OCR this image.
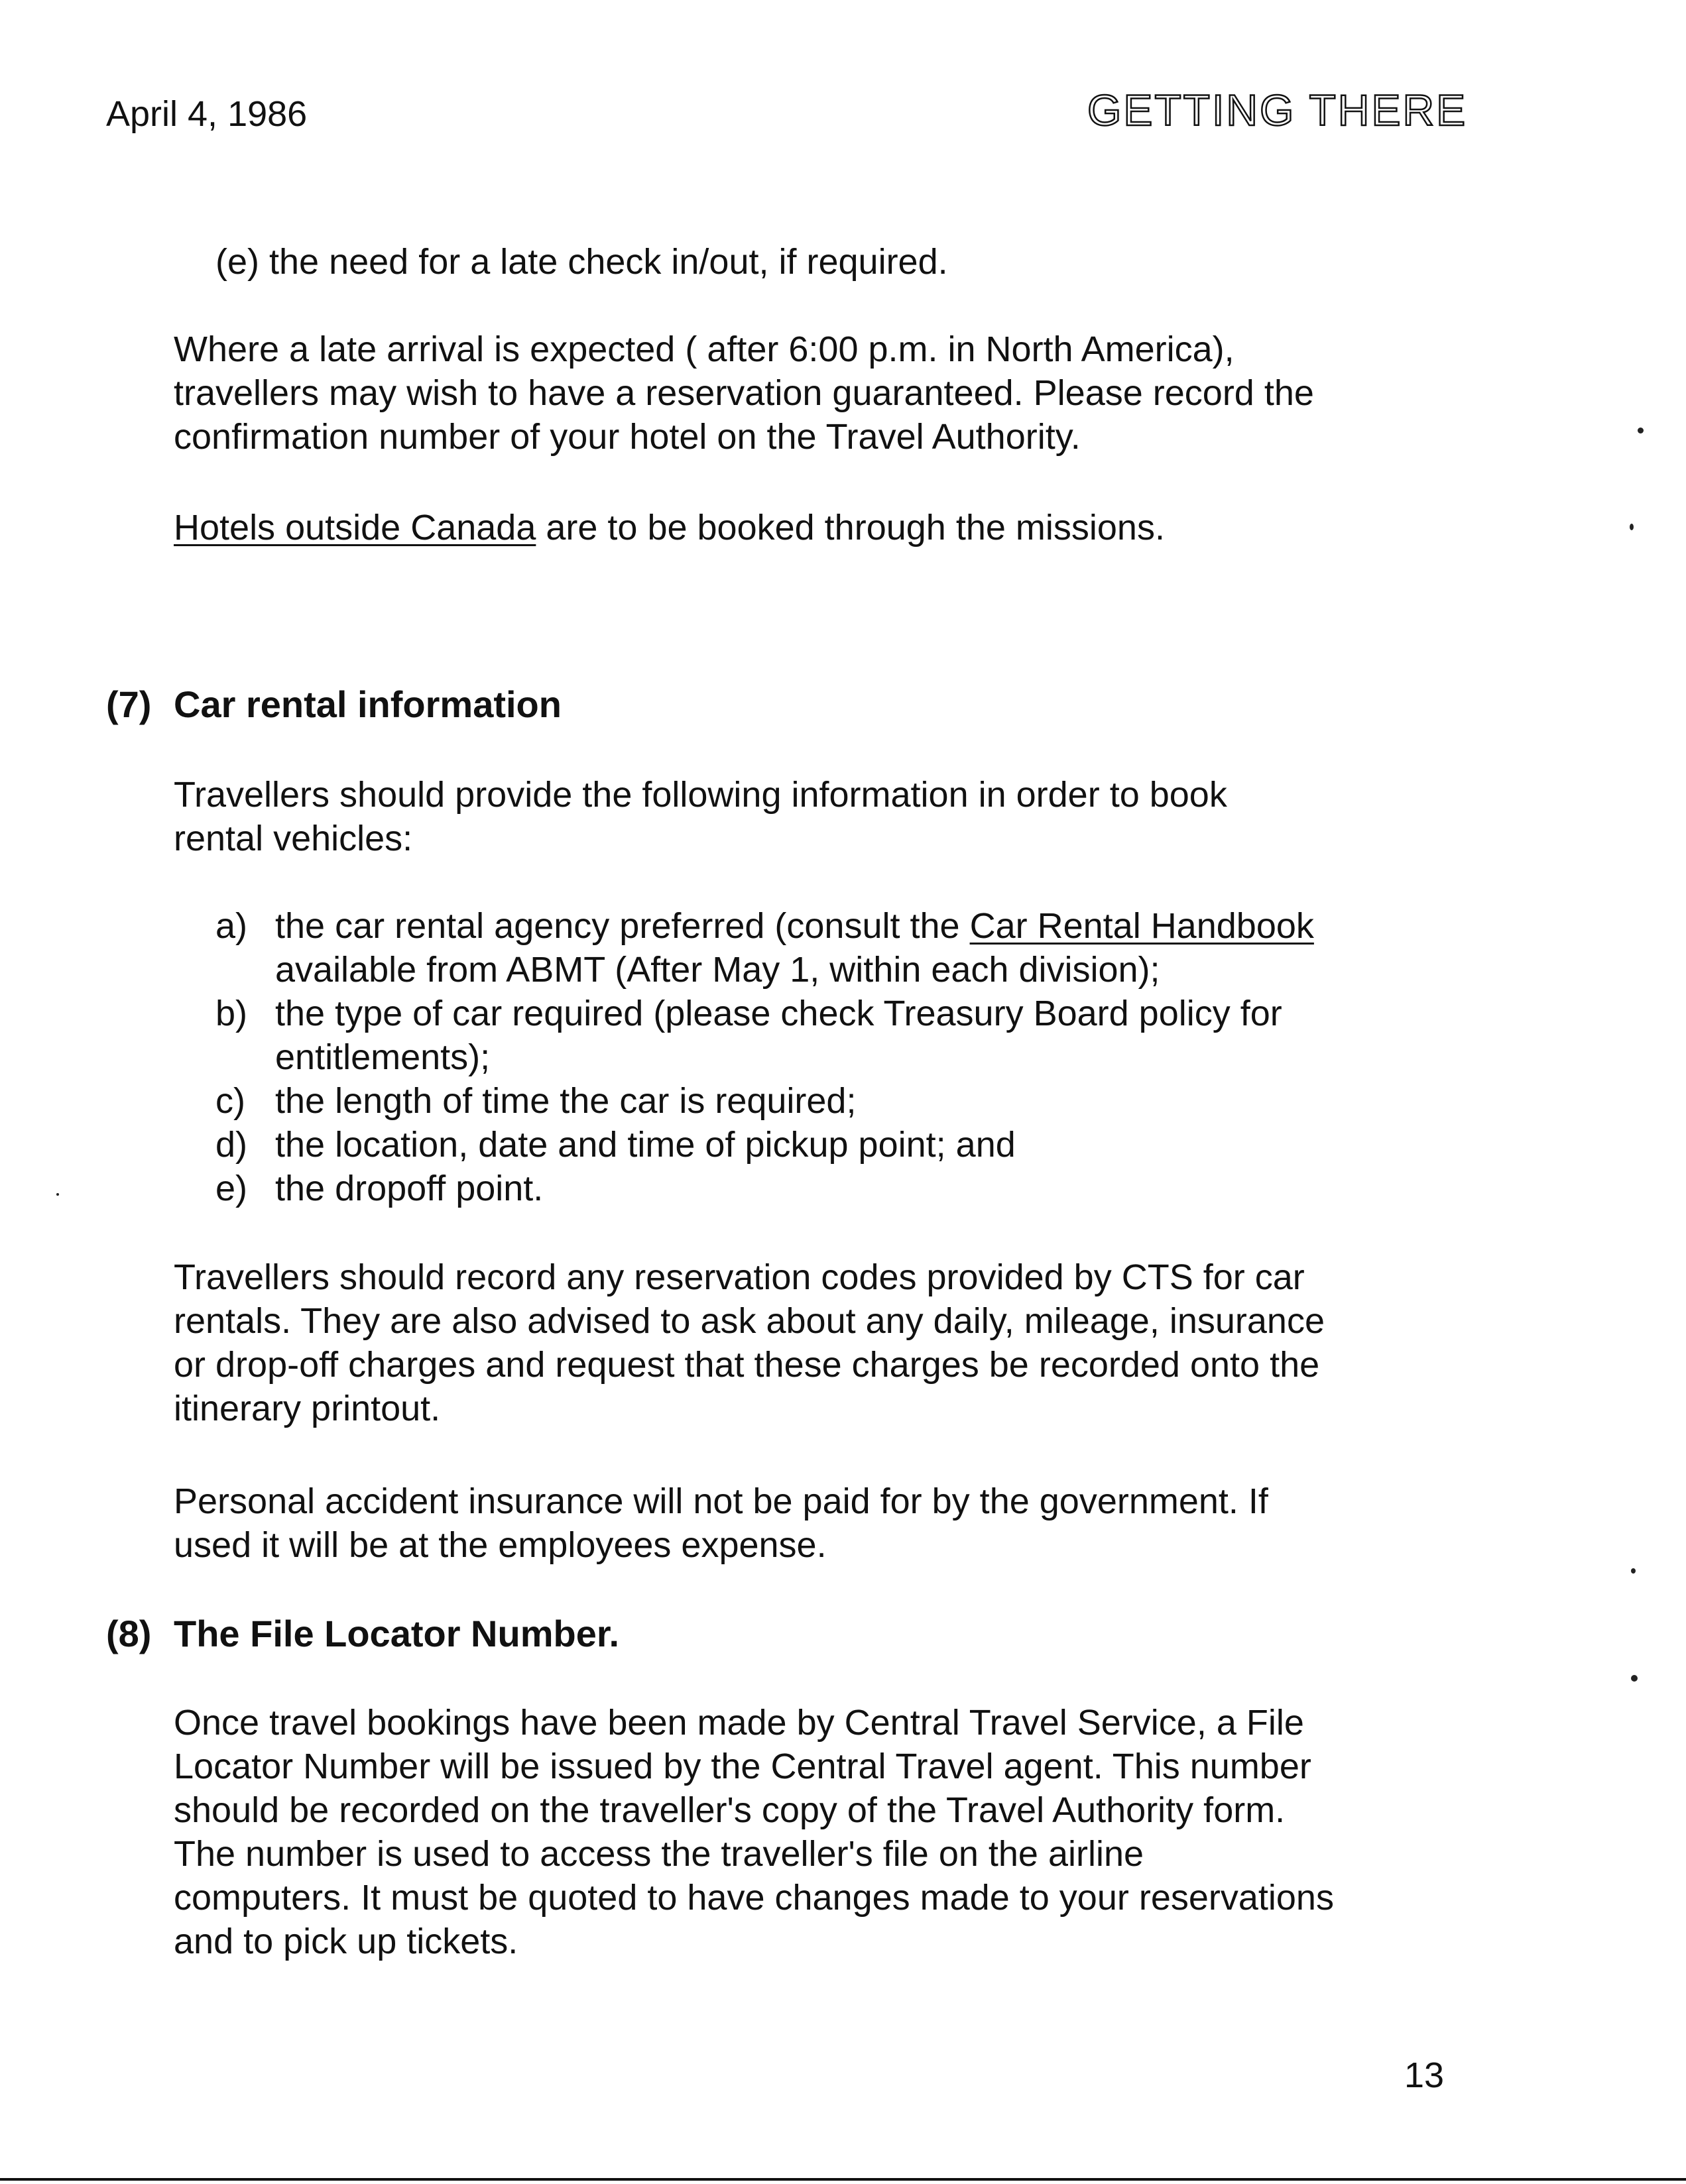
April 4, 1986	GETTING THERE
(e) the need for a late check in/out, if required.

Where a late arrival is expected ( after 6:00 p.m. in North America),
travellers may wish to have a reservation guaranteed. Please record the
confirmation number of your hotel on the Travel Authority.

Hotels outside Canada are to be booked through the missions.

(7) Car rental information

Travellers should provide the following information in order to book
rental vehicles:

a) the car rental agency preferred (consult the Car Rental Handbook
available from ABMT (After May 1, within each division);
b) the type of car required (please check Treasury Board policy for
entitlements);
c) the length of time the car is required;
d) the location, date and time of pickup point; and
e) the dropoff point.

Travellers should record any reservation codes provided by CTS for car
rentals. They are also advised to ask about any daily, mileage, insurance
or drop-off charges and request that these charges be recorded onto the
itinerary printout.

Personal accident insurance will not be paid for by the government. If
used it will be at the employees expense.

(8) The File Locator Number.

Once travel bookings have been made by Central Travel Service, a File
Locator Number will be issued by the Central Travel agent. This number
should be recorded on the traveller's copy of the Travel Authority form.
The number is used to access the traveller's file on the airline
computers. It must be quoted to have changes made to your reservations
and to pick up tickets.

13
